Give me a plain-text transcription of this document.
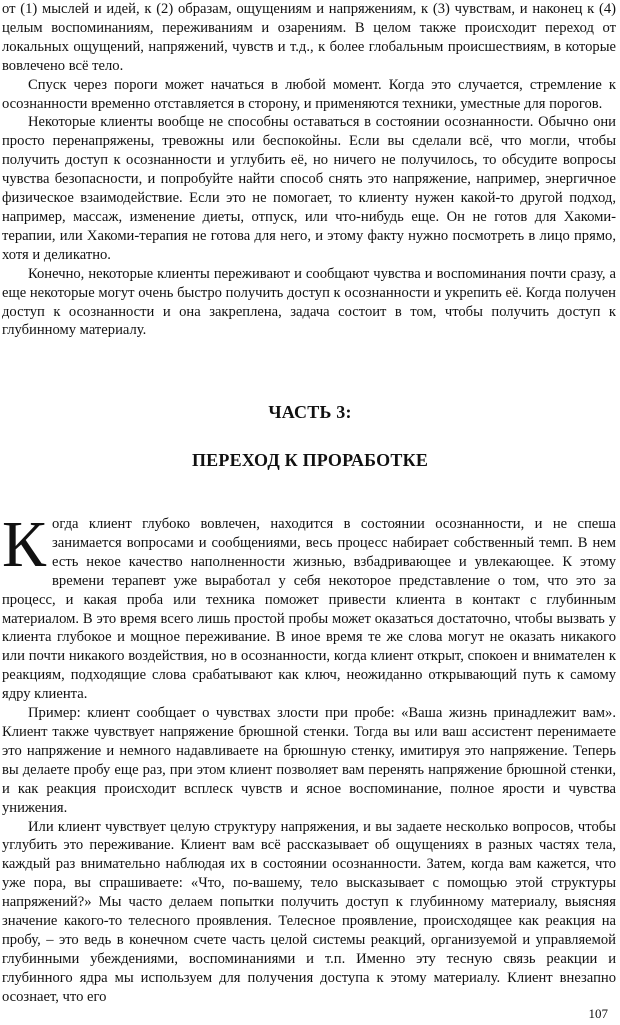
от (1) мыслей и идей, к (2) образам, ощущениям и напряжениям, к (3) чувствам, и наконец к (4) целым воспоминаниям, переживаниям и озарениям. В целом также происходит переход от локальных ощущений, напряжений, чувств и т.д., к более глобальным происшествиям, в которые вовлечено всё тело.

Спуск через пороги может начаться в любой момент. Когда это случается, стремление к осознанности временно отставляется в сторону, и применяются техники, уместные для порогов.

Некоторые клиенты вообще не способны оставаться в состоянии осознанности. Обычно они просто перенапряжены, тревожны или беспокойны. Если вы сделали всё, что могли, чтобы получить доступ к осознанности и углубить её, но ничего не получилось, то обсудите вопросы чувства безопасности, и попробуйте найти способ снять это напряжение, например, энергичное физическое взаимодействие. Если это не помогает, то клиенту нужен какой-то другой подход, например, массаж, изменение диеты, отпуск, или что-нибудь еще. Он не готов для Хакоми-терапии, или Хакоми-терапия не готова для него, и этому факту нужно посмотреть в лицо прямо, хотя и деликатно.

Конечно, некоторые клиенты переживают и сообщают чувства и воспоминания почти сразу, а еще некоторые могут очень быстро получить доступ к осознанности и укрепить её. Когда получен доступ к осознанности и она закреплена, задача состоит в том, чтобы получить доступ к глубинному материалу.

ЧАСТЬ 3:
ПЕРЕХОД К ПРОРАБОТКЕ

Когда клиент глубоко вовлечен, находится в состоянии осознанности, и не спеша занимается вопросами и сообщениями, весь процесс набирает собственный темп. В нем есть некое качество наполненности жизнью, взбадривающее и увлекающее. К этому времени терапевт уже выработал у себя некоторое представление о том, что это за процесс, и какая проба или техника поможет привести клиента в контакт с глубинным материалом. В это время всего лишь простой пробы может оказаться достаточно, чтобы вызвать у клиента глубокое и мощное переживание. В иное время те же слова могут не оказать никакого или почти никакого воздействия, но в осознанности, когда клиент открыт, спокоен и внимателен к реакциям, подходящие слова срабатывают как ключ, неожиданно открывающий путь к самому ядру клиента.

Пример: клиент сообщает о чувствах злости при пробе: «Ваша жизнь принадлежит вам». Клиент также чувствует напряжение брюшной стенки. Тогда вы или ваш ассистент перенимаете это напряжение и немного надавливаете на брюшную стенку, имитируя это напряжение. Теперь вы делаете пробу еще раз, при этом клиент позволяет вам перенять напряжение брюшной стенки, и как реакция происходит всплеск чувств и ясное воспоминание, полное ярости и чувства унижения.

Или клиент чувствует целую структуру напряжения, и вы задаете несколько вопросов, чтобы углубить это переживание. Клиент вам всё рассказывает об ощущениях в разных частях тела, каждый раз внимательно наблюдая их в состоянии осознанности. Затем, когда вам кажется, что уже пора, вы спрашиваете: «Что, по-вашему, тело высказывает с помощью этой структуры напряжений?» Мы часто делаем попытки получить доступ к глубинному материалу, выясняя значение какого-то телесного проявления. Телесное проявление, происходящее как реакция на пробу, – это ведь в конечном счете часть целой системы реакций, организуемой и управляемой глубинными убеждениями, воспоминаниями и т.п. Именно эту тесную связь реакции и глубинного ядра мы используем для получения доступа к этому материалу. Клиент внезапно осознает, что его

107
